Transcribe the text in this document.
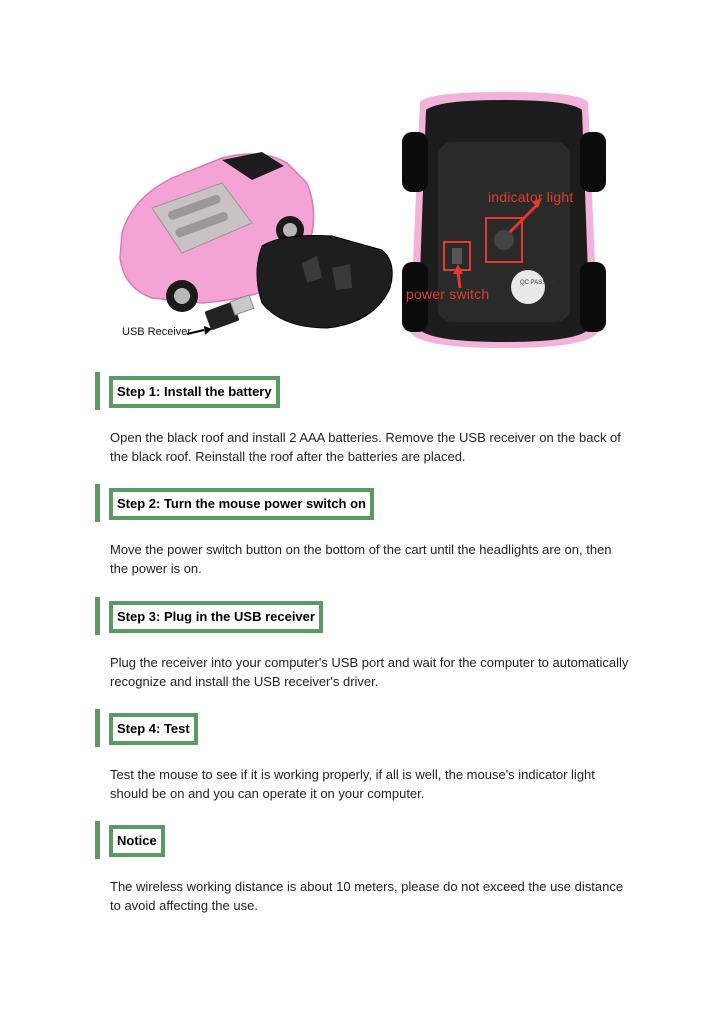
USB Receiver
QC PASS 03
indicator light
power switch
Step 1: Install the battery
Open the black roof and install 2 AAA batteries. Remove the USB receiver on the back of the black roof. Reinstall the roof after the batteries are placed.
Step 2: Turn the mouse power switch on
Move the power switch button on the bottom of the cart until the headlights are on, then the power is on.
Step 3: Plug in the USB receiver
Plug the receiver into your computer's USB port and wait for the computer to automatically recognize and install the USB receiver's driver.
Step 4: Test
Test the mouse to see if it is working properly, if all is well, the mouse's indicator light should be on and you can operate it on your computer.
Notice
The wireless working distance is about 10 meters, please do not exceed the use distance to avoid affecting the use.
